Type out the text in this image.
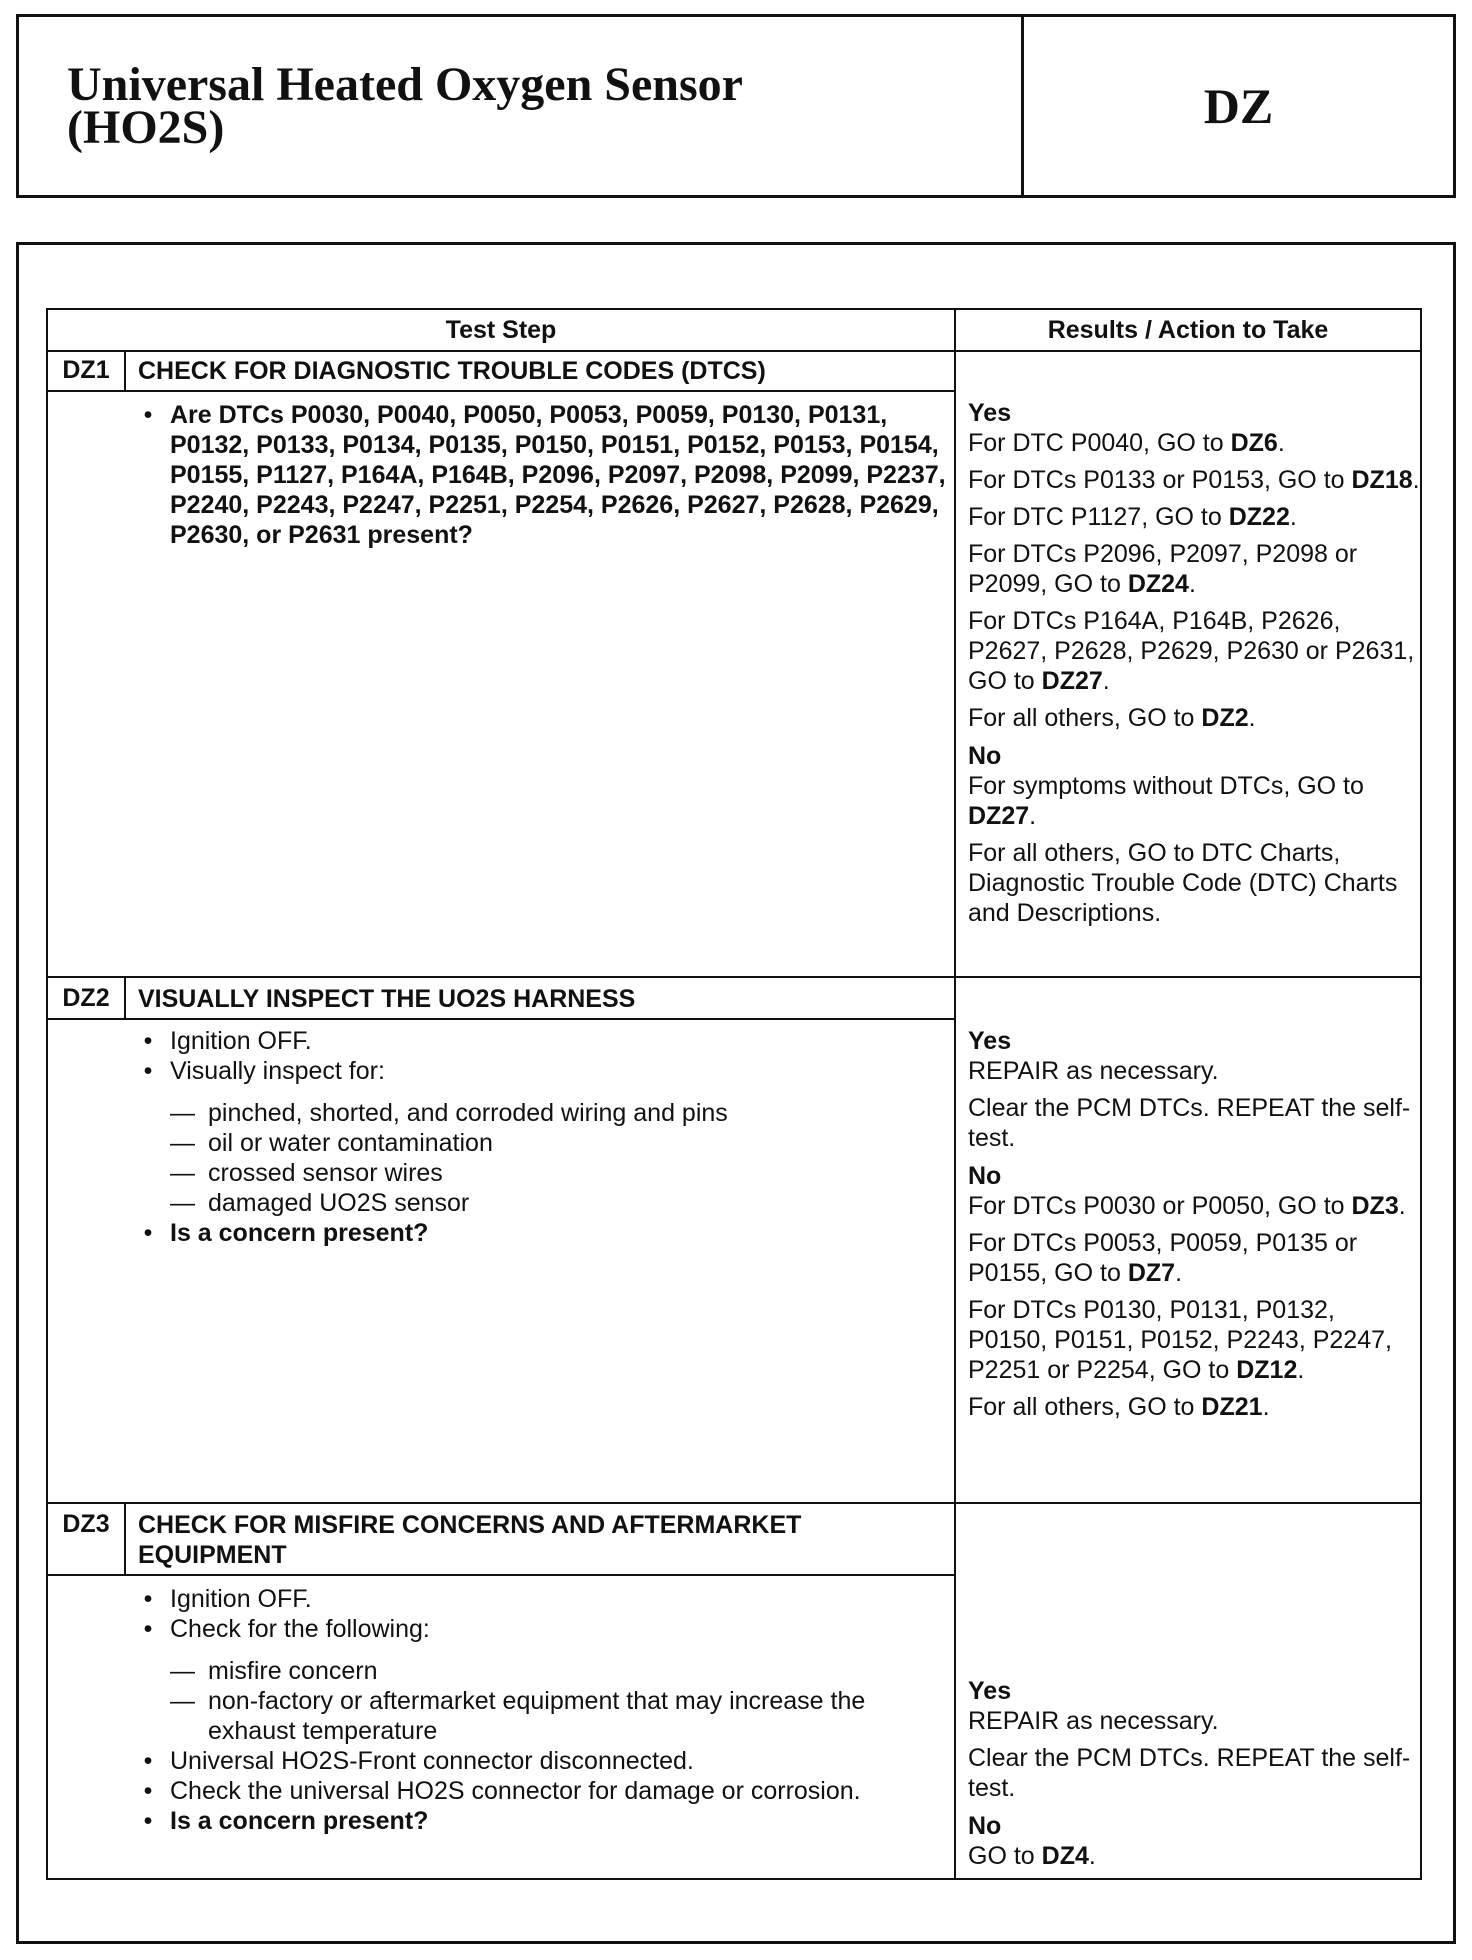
Universal Heated Oxygen Sensor
(HO2S)	DZ
Test Step	Results / Action to Take
DZ1	CHECK FOR DIAGNOSTIC TROUBLE CODES (DTCS)
• Are DTCs P0030, P0040, P0050, P0053, P0059, P0130, P0131, P0132, P0133, P0134, P0135, P0150, P0151, P0152, P0153, P0154, P0155, P1127, P164A, P164B, P2096, P2097, P2098, P2099, P2237, P2240, P2243, P2247, P2251, P2254, P2626, P2627, P2628, P2629, P2630, or P2631 present?
Yes
For DTC P0040, GO to DZ6.
For DTCs P0133 or P0153, GO to DZ18.
For DTC P1127, GO to DZ22.
For DTCs P2096, P2097, P2098 or P2099, GO to DZ24.
For DTCs P164A, P164B, P2626, P2627, P2628, P2629, P2630 or P2631, GO to DZ27.
For all others, GO to DZ2.
No
For symptoms without DTCs, GO to DZ27.
For all others, GO to DTC Charts, Diagnostic Trouble Code (DTC) Charts and Descriptions.
DZ2	VISUALLY INSPECT THE UO2S HARNESS
• Ignition OFF.
• Visually inspect for:
— pinched, shorted, and corroded wiring and pins
— oil or water contamination
— crossed sensor wires
— damaged UO2S sensor
• Is a concern present?
Yes
REPAIR as necessary.
Clear the PCM DTCs. REPEAT the self-test.
No
For DTCs P0030 or P0050, GO to DZ3.
For DTCs P0053, P0059, P0135 or P0155, GO to DZ7.
For DTCs P0130, P0131, P0132, P0150, P0151, P0152, P2243, P2247, P2251 or P2254, GO to DZ12.
For all others, GO to DZ21.
DZ3	CHECK FOR MISFIRE CONCERNS AND AFTERMARKET EQUIPMENT
• Ignition OFF.
• Check for the following:
— misfire concern
— non-factory or aftermarket equipment that may increase the exhaust temperature
• Universal HO2S-Front connector disconnected.
• Check the universal HO2S connector for damage or corrosion.
• Is a concern present?
Yes
REPAIR as necessary.
Clear the PCM DTCs. REPEAT the self-test.
No
GO to DZ4.
